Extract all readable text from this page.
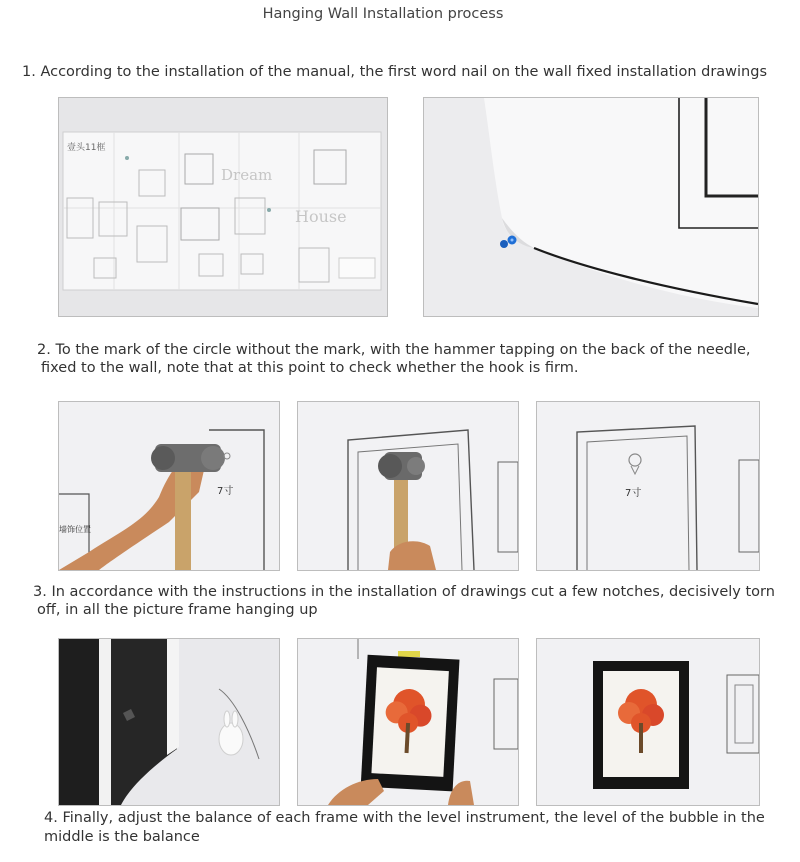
Hanging Wall Installation process
1. According to the installation of the manual, the first word nail on the wall fixed installation drawings
壹头11框
Dream
House
2. To the mark of the circle without the mark, with the hammer tapping on the back of the needle,
fixed to the wall, note that at this point to check whether the hook is firm.
7寸
墙饰位置
7寸
3. In accordance with the instructions in the installation of drawings cut a few notches, decisively torn
off, in all the picture frame hanging up
4. Finally, adjust the balance of each frame with the level instrument, the level of the bubble in the
middle is the balance
